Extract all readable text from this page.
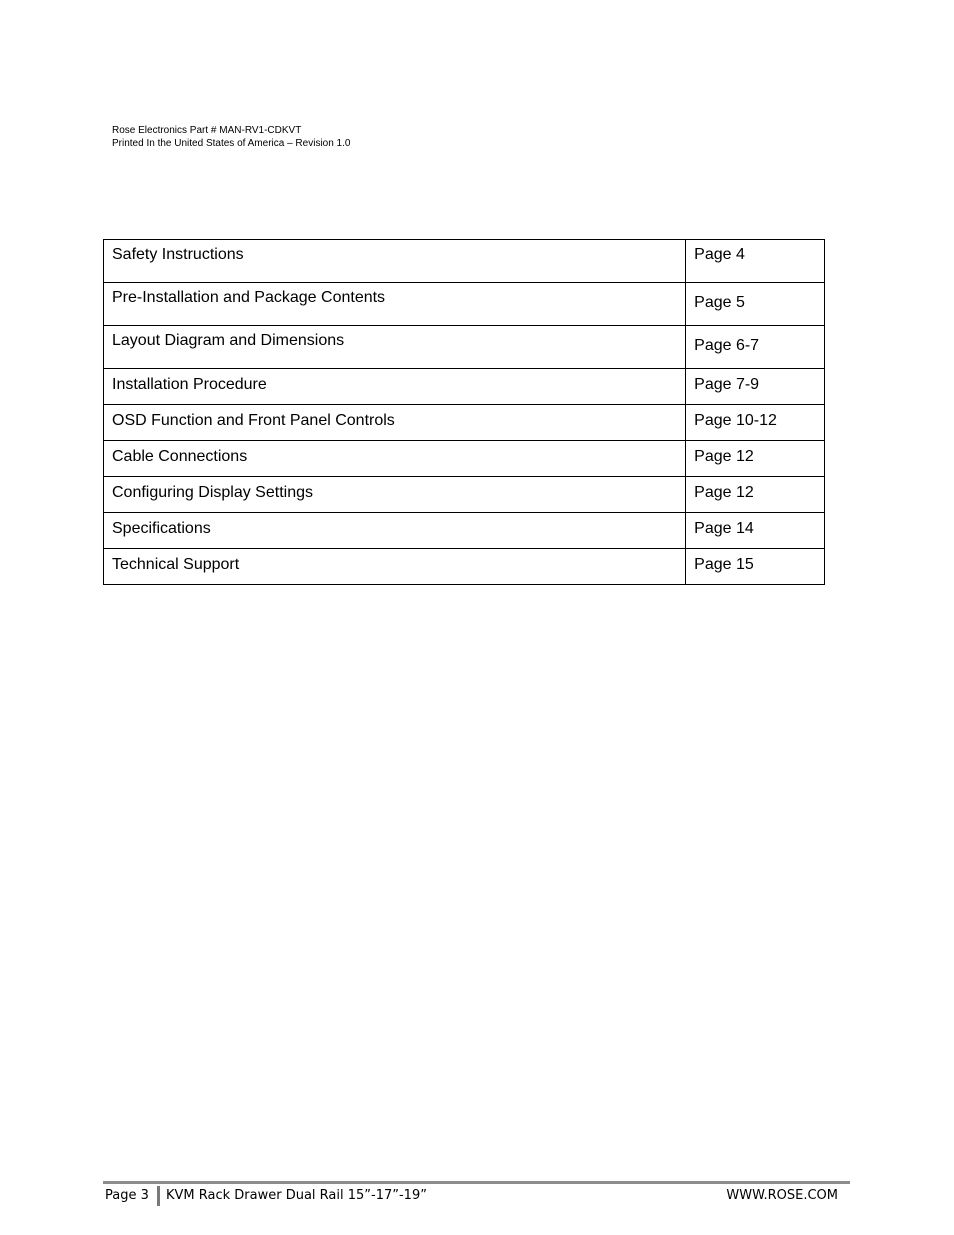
Rose Electronics Part # MAN-RV1-CDKVT
Printed In the United States of America – Revision 1.0
Safety Instructions	Page 4
Pre-Installation and Package Contents	Page 5
Layout Diagram and Dimensions	Page 6-7
Installation Procedure	Page 7-9
OSD Function and Front Panel Controls	Page 10-12
Cable Connections	Page 12
Configuring Display Settings	Page 12
Specifications	Page 14
Technical Support	Page 15
Page 3 KVM Rack Drawer Dual Rail 15”-17”-19”	WWW.ROSE.COM
